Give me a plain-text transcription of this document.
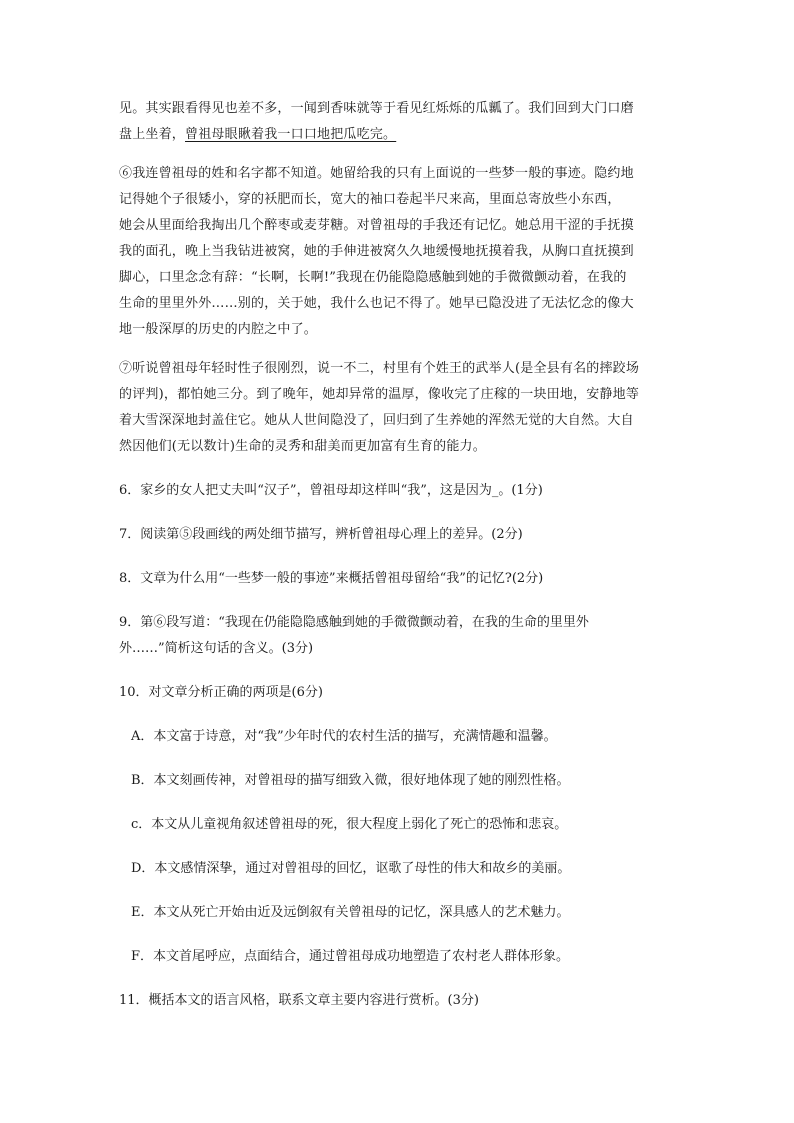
见。其实跟看得见也差不多，一闻到香味就等于看见红烁烁的瓜瓤了。我们回到大门口磨
盘上坐着，曾祖母眼瞅着我一口口地把瓜吃完。

⑥我连曾祖母的姓和名字都不知道。她留给我的只有上面说的一些梦一般的事迹。隐约地
记得她个子很矮小，穿的袄肥而长，宽大的袖口卷起半尺来高，里面总寄放些小东西，
她会从里面给我掏出几个醉枣或麦芽糖。对曾祖母的手我还有记忆。她总用干涩的手抚摸
我的面孔，晚上当我钻进被窝，她的手伸进被窝久久地缓慢地抚摸着我，从胸口直抚摸到
脚心，口里念念有辞：“长啊，长啊!”我现在仍能隐隐感触到她的手微微颤动着，在我的
生命的里里外外……别的，关于她，我什么也记不得了。她早已隐没进了无法忆念的像大
地一般深厚的历史的内腔之中了。

⑦听说曾祖母年轻时性子很刚烈，说一不二，村里有个姓王的武举人(是全县有名的摔跤场
的评判)，都怕她三分。到了晚年，她却异常的温厚，像收完了庄稼的一块田地，安静地等
着大雪深深地封盖住它。她从人世间隐没了，回归到了生养她的浑然无觉的大自然。大自
然因他们(无以数计)生命的灵秀和甜美而更加富有生育的能力。

6．家乡的女人把丈夫叫“汉子”，曾祖母却这样叫“我”，这是因为_。(1分)

7．阅读第⑤段画线的两处细节描写，辨析曾祖母心理上的差异。(2分)

8．文章为什么用“一些梦一般的事迹”来概括曾祖母留给“我”的记忆?(2分)

9．第⑥段写道：“我现在仍能隐隐感触到她的手微微颤动着，在我的生命的里里外
外……”简析这句话的含义。(3分)

10．对文章分析正确的两项是(6分)

A．本文富于诗意，对“我”少年时代的农村生活的描写，充满情趣和温馨。

B．本文刻画传神，对曾祖母的描写细致入微，很好地体现了她的刚烈性格。

c．本文从儿童视角叙述曾祖母的死，很大程度上弱化了死亡的恐怖和悲哀。

D．本文感情深挚，通过对曾祖母的回忆，讴歌了母性的伟大和故乡的美丽。

E．本文从死亡开始由近及远倒叙有关曾祖母的记忆，深具感人的艺术魅力。

F．本文首尾呼应，点面结合，通过曾祖母成功地塑造了农村老人群体形象。

11．概括本文的语言风格，联系文章主要内容进行赏析。(3分)
